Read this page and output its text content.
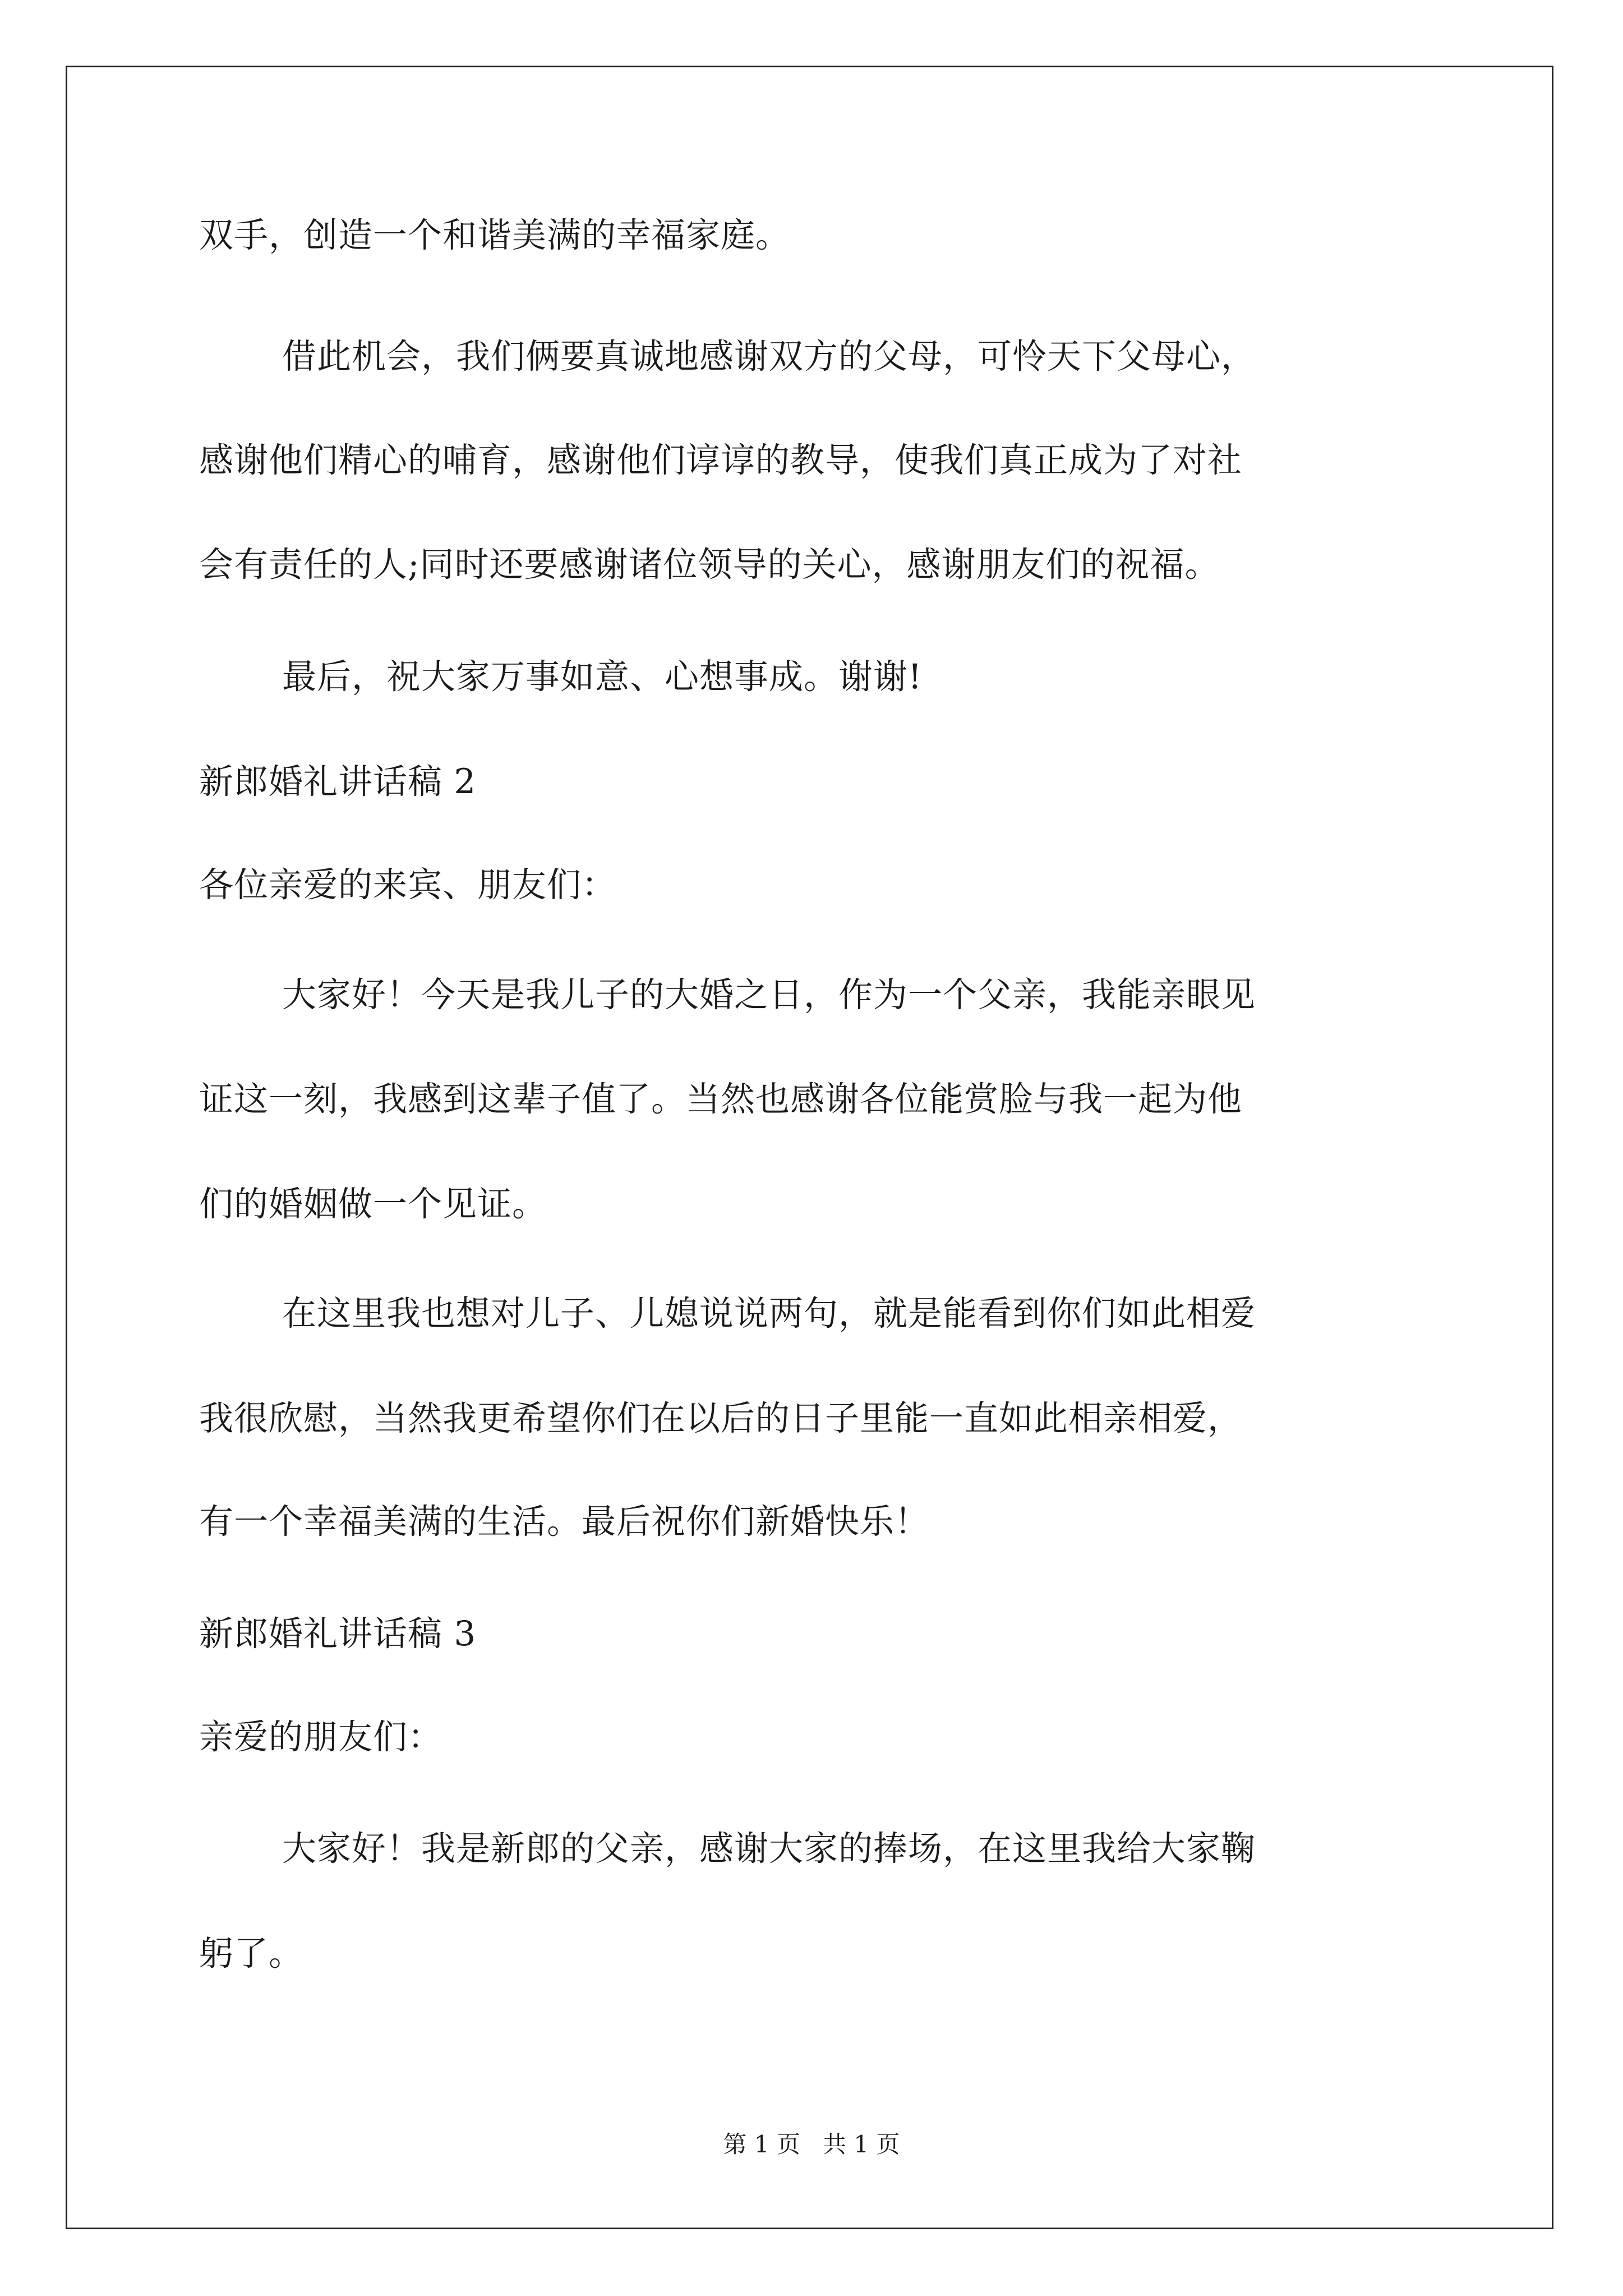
双手，创造一个和谐美满的幸福家庭。
借此机会，我们俩要真诚地感谢双方的父母，可怜天下父母心，
感谢他们精心的哺育，感谢他们谆谆的教导，使我们真正成为了对社
会有责任的人;同时还要感谢诸位领导的关心，感谢朋友们的祝福。
最后，祝大家万事如意、心想事成。谢谢!
新郎婚礼讲话稿 2
各位亲爱的来宾、朋友们：
大家好！今天是我儿子的大婚之日，作为一个父亲，我能亲眼见
证这一刻，我感到这辈子值了。当然也感谢各位能赏脸与我一起为他
们的婚姻做一个见证。
在这里我也想对儿子、儿媳说说两句，就是能看到你们如此相爱
我很欣慰，当然我更希望你们在以后的日子里能一直如此相亲相爱，
有一个幸福美满的生活。最后祝你们新婚快乐！
新郎婚礼讲话稿 3
亲爱的朋友们：
大家好！我是新郎的父亲，感谢大家的捧场，在这里我给大家鞠
躬了。
第 1 页   共 1 页
